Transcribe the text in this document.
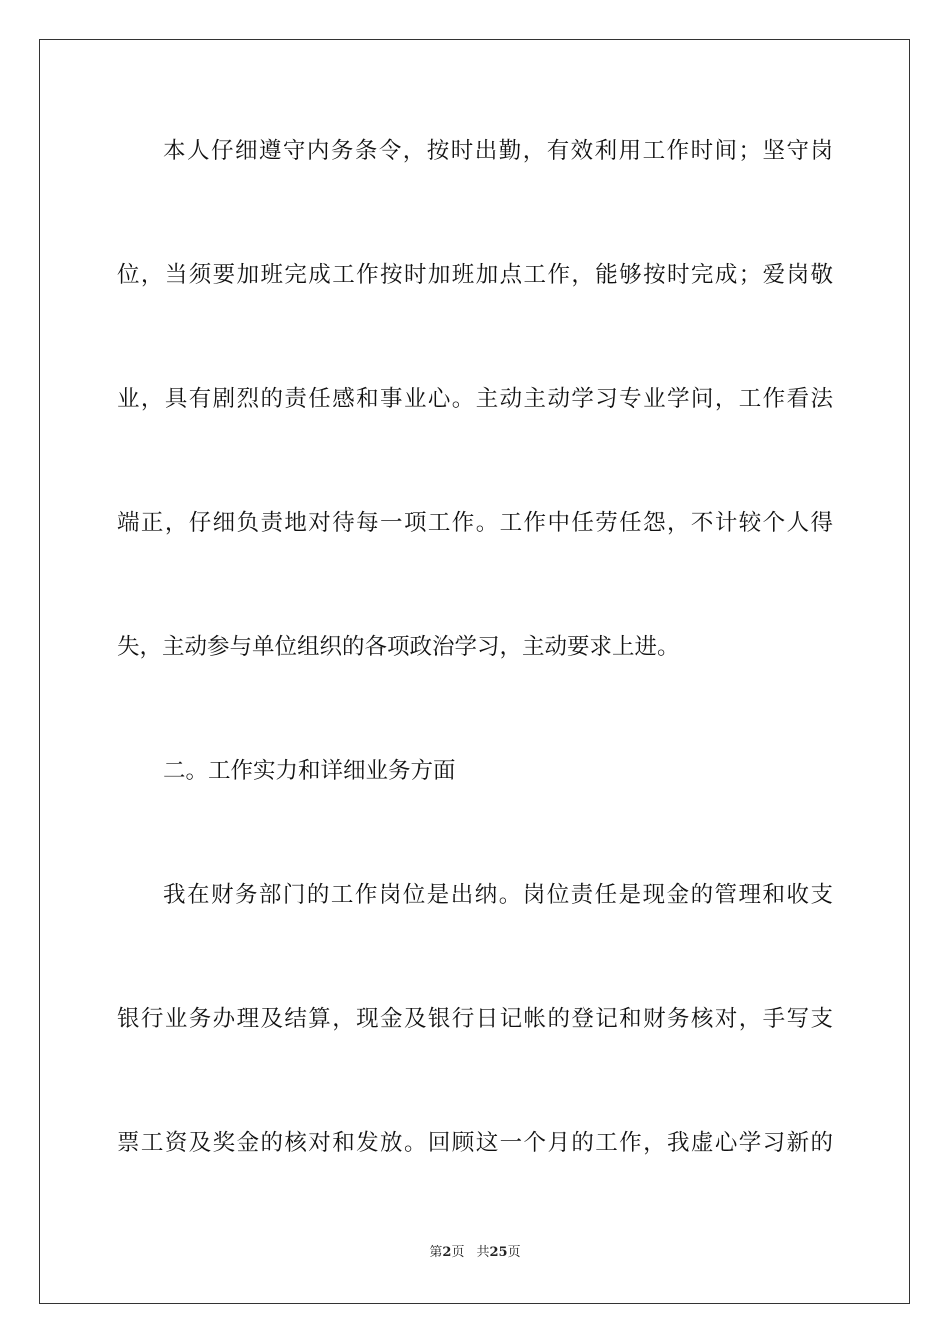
本人仔细遵守内务条令，按时出勤，有效利用工作时间；坚守岗
位，当须要加班完成工作按时加班加点工作，能够按时完成；爱岗敬
业，具有剧烈的责任感和事业心。主动主动学习专业学问，工作看法
端正，仔细负责地对待每一项工作。工作中任劳任怨，不计较个人得
失，主动参与单位组织的各项政治学习，主动要求上进。
二。工作实力和详细业务方面
我在财务部门的工作岗位是出纳。岗位责任是现金的管理和收支
银行业务办理及结算，现金及银行日记帐的登记和财务核对，手写支
票工资及奖金的核对和发放。回顾这一个月的工作，我虚心学习新的
第2页 共25页
